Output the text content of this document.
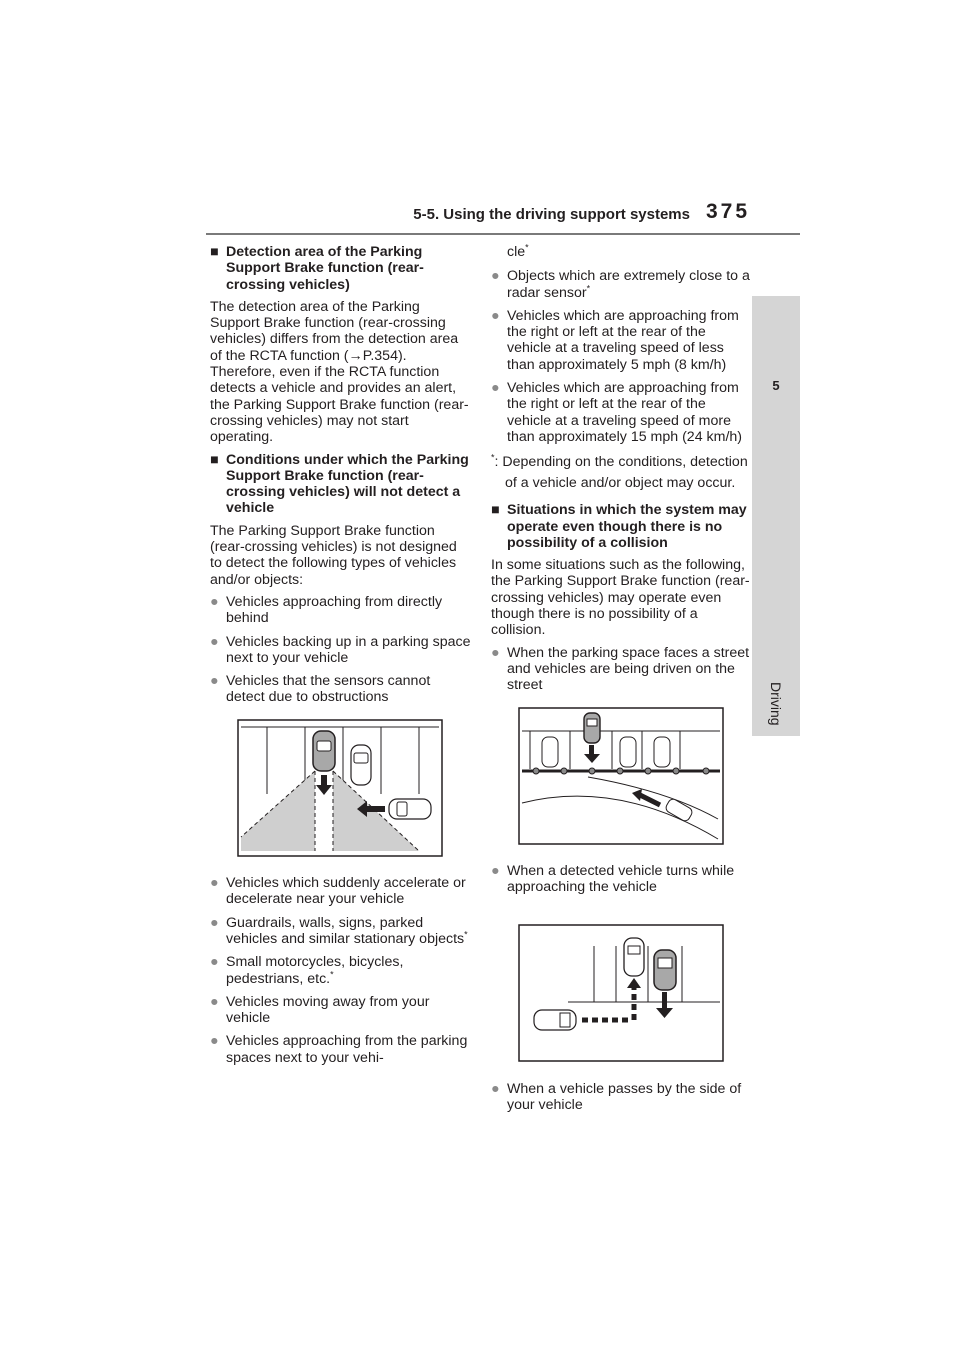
5-5. Using the driving support systems 375
5
Driving
■ Detection area of the Parking Support Brake function (rear-crossing vehicles)
The detection area of the Parking Support Brake function (rear-crossing vehicles) differs from the detection area of the RCTA function (→P.354). Therefore, even if the RCTA function detects a vehicle and provides an alert, the Parking Support Brake function (rear-crossing vehicles) may not start operating.
■ Conditions under which the Parking Support Brake function (rear-crossing vehicles) will not detect a vehicle
The Parking Support Brake function (rear-crossing vehicles) is not designed to detect the following types of vehicles and/or objects:
● Vehicles approaching from directly behind
● Vehicles backing up in a parking space next to your vehicle
● Vehicles that the sensors cannot detect due to obstructions
● Vehicles which suddenly accelerate or decelerate near your vehicle
● Guardrails, walls, signs, parked vehicles and similar stationary objects*
● Small motorcycles, bicycles, pedestrians, etc.*
● Vehicles moving away from your vehicle
● Vehicles approaching from the parking spaces next to your vehi-
cle*
● Objects which are extremely close to a radar sensor*
● Vehicles which are approaching from the right or left at the rear of the vehicle at a traveling speed of less than approximately 5 mph (8 km/h)
● Vehicles which are approaching from the right or left at the rear of the vehicle at a traveling speed of more than approximately 15 mph (24 km/h)
*: Depending on the conditions, detection of a vehicle and/or object may occur.
■ Situations in which the system may operate even though there is no possibility of a collision
In some situations such as the following, the Parking Support Brake function (rear-crossing vehicles) may operate even though there is no possibility of a collision.
● When the parking space faces a street and vehicles are being driven on the street
● When a detected vehicle turns while approaching the vehicle
● When a vehicle passes by the side of your vehicle
